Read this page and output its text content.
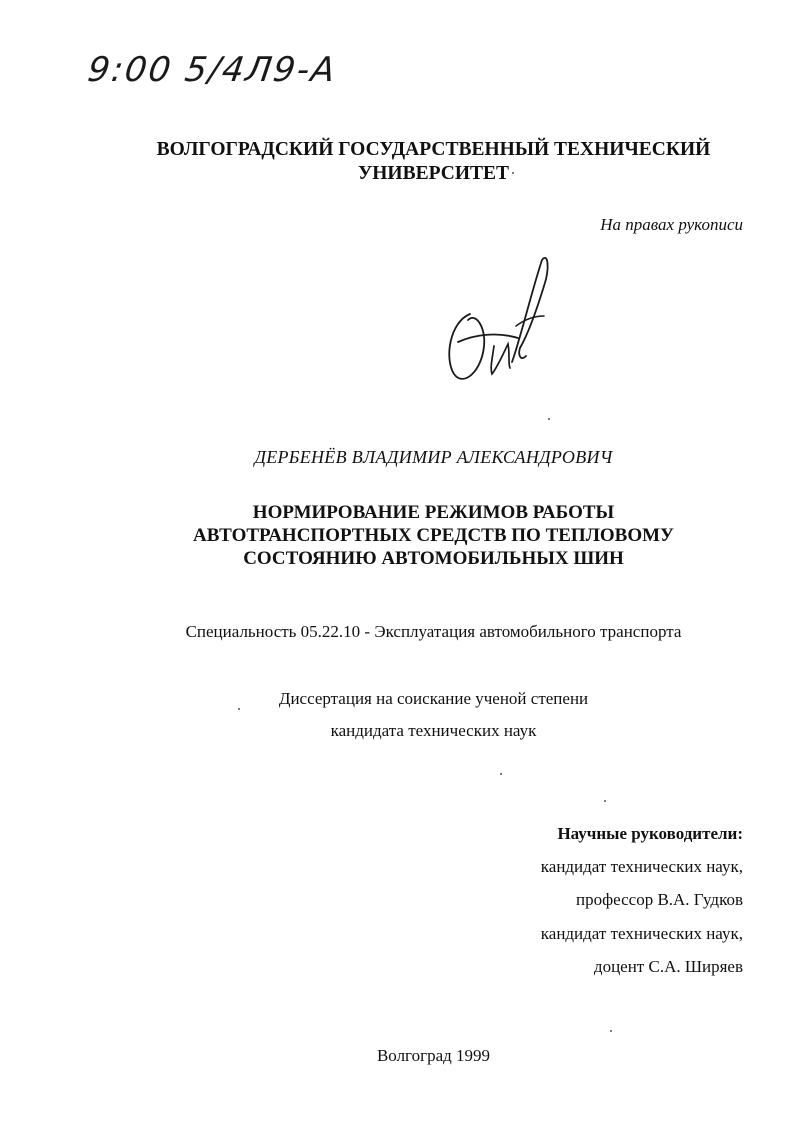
9:00 5/4Л9-А
ВОЛГОГРАДСКИЙ ГОСУДАРСТВЕННЫЙ ТЕХНИЧЕСКИЙ
УНИВЕРСИТЕТ
На правах рукописи
ДЕРБЕНЁВ ВЛАДИМИР АЛЕКСАНДРОВИЧ
НОРМИРОВАНИЕ РЕЖИМОВ РАБОТЫ
АВТОТРАНСПОРТНЫХ СРЕДСТВ ПО ТЕПЛОВОМУ
СОСТОЯНИЮ АВТОМОБИЛЬНЫХ ШИН
Специальность 05.22.10 - Эксплуатация автомобильного транспорта
Диссертация на соискание ученой степени
кандидата технических наук
Научные руководители:
кандидат технических наук,
профессор В.А. Гудков
кандидат технических наук,
доцент С.А. Ширяев
Волгоград 1999
